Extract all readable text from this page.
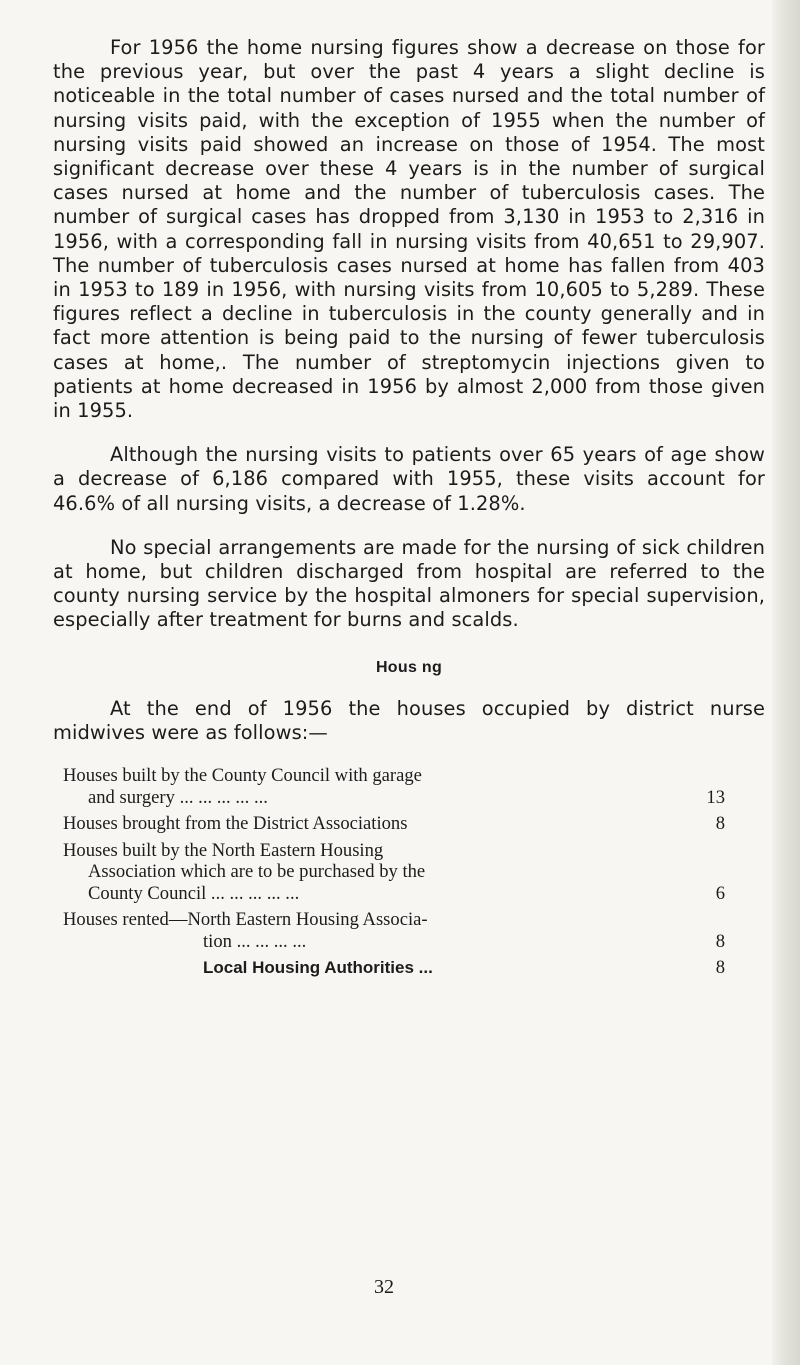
For 1956 the home nursing figures show a decrease on those for the previous year, but over the past 4 years a slight decline is noticeable in the total number of cases nursed and the total number of nursing visits paid, with the exception of 1955 when the number of nursing visits paid showed an increase on those of 1954. The most significant decrease over these 4 years is in the number of surgical cases nursed at home and the number of tuberculosis cases. The number of surgical cases has dropped from 3,130 in 1953 to 2,316 in 1956, with a corresponding fall in nursing visits from 40,651 to 29,907. The number of tuberculosis cases nursed at home has fallen from 403 in 1953 to 189 in 1956, with nursing visits from 10,605 to 5,289. These figures reflect a decline in tuberculosis in the county generally and in fact more attention is being paid to the nursing of fewer tuberculosis cases at home,. The number of streptomycin injections given to patients at home decreased in 1956 by almost 2,000 from those given in 1955.

Although the nursing visits to patients over 65 years of age show a decrease of 6,186 compared with 1955, these visits account for 46.6% of all nursing visits, a decrease of 1.28%.

No special arrangements are made for the nursing of sick children at home, but children discharged from hospital are referred to the county nursing service by the hospital almoners for special supervision, especially after treatment for burns and scalds.

Hous ng

At the end of 1956 the houses occupied by district nurse midwives were as follows:—

Houses built by the County Council with garage
and surgery ... ... ... ... ...	13
Houses brought from the District Associations	8
Houses built by the North Eastern Housing
Association which are to be purchased by the
County Council ... ... ... ... ...	6
Houses rented—North Eastern Housing Associa-
tion ... ... ... ...	8
Local Housing Authorities ...	8
32
